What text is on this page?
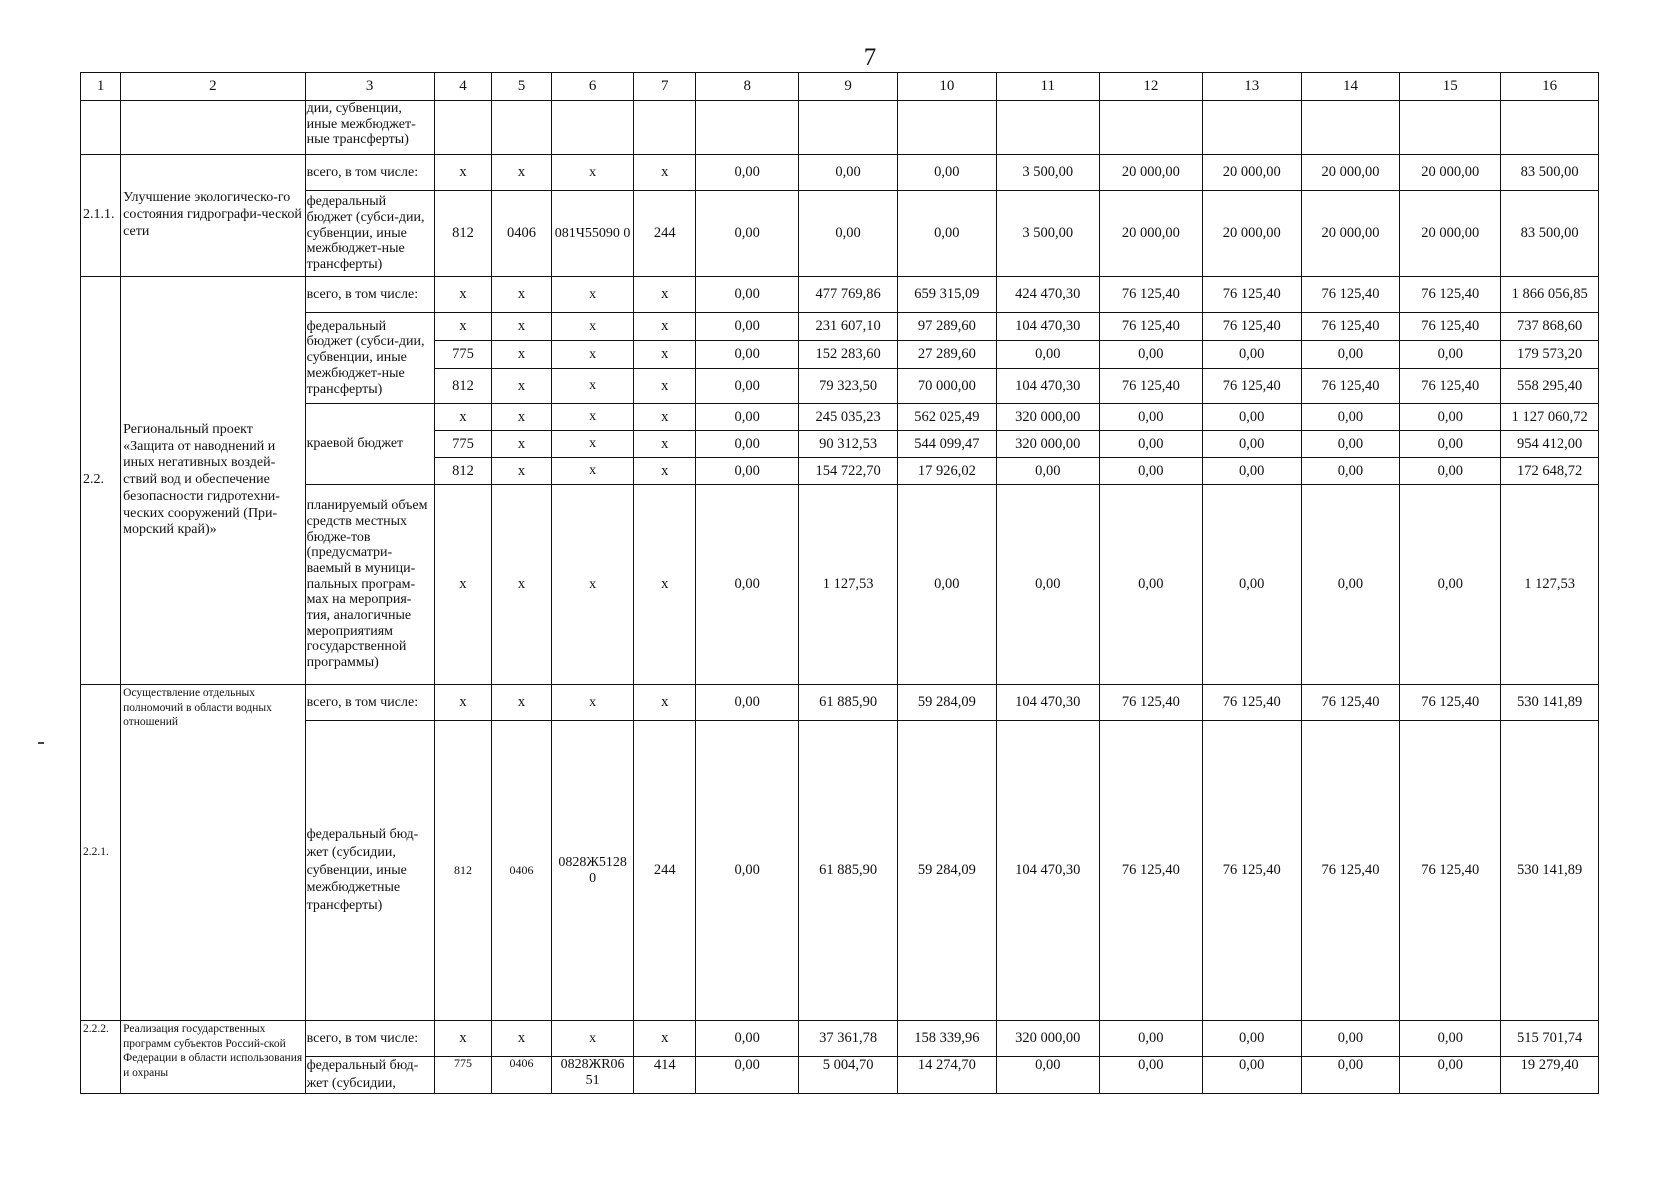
7
1	2	3	4	5	6	7	8	9	10	11	12	13	14	15	16
		дии, субвенции, иные межбюджет-ные трансферты)													
2.1.1.	Улучшение экологическо-го состояния гидрографи-ческой сети	всего, в том числе:	x	x	x	x	0,00	0,00	0,00	3 500,00	20 000,00	20 000,00	20 000,00	20 000,00	83 500,00
		федеральный бюджет (субси-дии, субвенции, иные межбюджет-ные трансферты)	812	0406	081Ч55090 0	244	0,00	0,00	0,00	3 500,00	20 000,00	20 000,00	20 000,00	20 000,00	83 500,00
2.2.	Региональный проект «Защита от наводнений и иных негативных воздей-ствий вод и обеспечение безопасности гидротехни-ческих сооружений (При-морский край)»	всего, в том числе:	x	x	x	x	0,00	477 769,86	659 315,09	424 470,30	76 125,40	76 125,40	76 125,40	76 125,40	1 866 056,85
		федеральный бюджет (субси-дии, субвенции, иные межбюджет-ные трансферты)	x	x	x	x	0,00	231 607,10	97 289,60	104 470,30	76 125,40	76 125,40	76 125,40	76 125,40	737 868,60
			775	x	x	x	0,00	152 283,60	27 289,60	0,00	0,00	0,00	0,00	0,00	179 573,20
			812	x	x	x	0,00	79 323,50	70 000,00	104 470,30	76 125,40	76 125,40	76 125,40	76 125,40	558 295,40
		краевой бюджет	x	x	x	x	0,00	245 035,23	562 025,49	320 000,00	0,00	0,00	0,00	0,00	1 127 060,72
			775	x	x	x	0,00	90 312,53	544 099,47	320 000,00	0,00	0,00	0,00	0,00	954 412,00
			812	x	x	x	0,00	154 722,70	17 926,02	0,00	0,00	0,00	0,00	0,00	172 648,72
		планируемый объем средств местных бюдже-тов (предусматри-ваемый в муници-пальных програм-мах на мероприя-тия, аналогичные мероприятиям государственной программы)	x	x	x	x	0,00	1 127,53	0,00	0,00	0,00	0,00	0,00	0,00	1 127,53
2.2.1.	Осуществление отдельных полномочий в области водных отношений	всего, в том числе:	x	x	x	x	0,00	61 885,90	59 284,09	104 470,30	76 125,40	76 125,40	76 125,40	76 125,40	530 141,89
		федеральный бюд-жет (субсидии, субвенции, иные межбюджетные трансферты)	812	0406	0828Ж5128 0	244	0,00	61 885,90	59 284,09	104 470,30	76 125,40	76 125,40	76 125,40	76 125,40	530 141,89
2.2.2.	Реализация государственных программ субъектов Россий-ской Федерации в области использования и охраны	всего, в том числе:	x	x	x	x	0,00	37 361,78	158 339,96	320 000,00	0,00	0,00	0,00	0,00	515 701,74
		федеральный бюд-жет (субсидии,	775	0406	0828ЖR06 51	414	0,00	5 004,70	14 274,70	0,00	0,00	0,00	0,00	0,00	19 279,40
